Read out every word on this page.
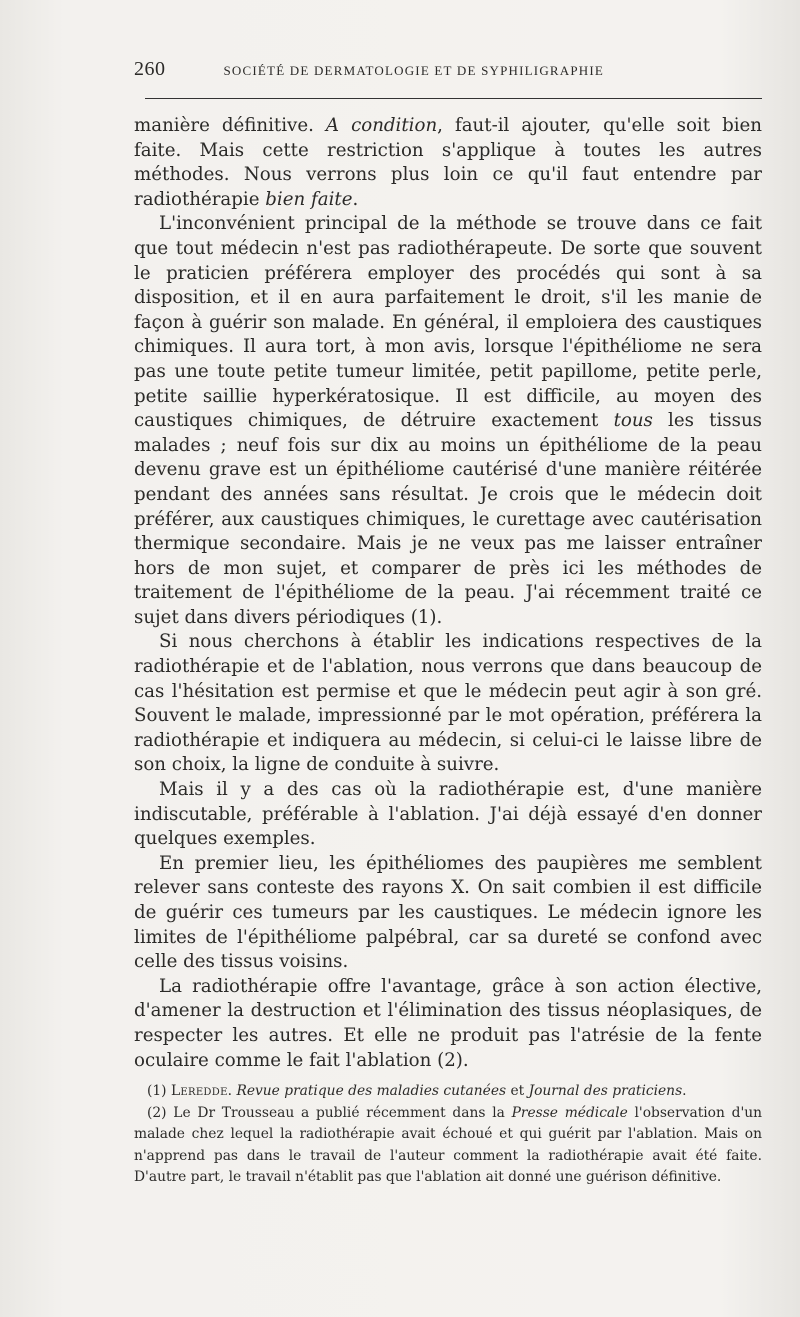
260	SOCIÉTÉ DE DERMATOLOGIE ET DE SYPHILIGRAPHIE

manière définitive. A condition, faut-il ajouter, qu'elle soit bien faite. Mais cette restriction s'applique à toutes les autres méthodes. Nous verrons plus loin ce qu'il faut entendre par radiothérapie bien faite.

L'inconvénient principal de la méthode se trouve dans ce fait que tout médecin n'est pas radiothérapeute. De sorte que souvent le praticien préférera employer des procédés qui sont à sa disposition, et il en aura parfaitement le droit, s'il les manie de façon à guérir son malade. En général, il emploiera des caustiques chimiques. Il aura tort, à mon avis, lorsque l'épithéliome ne sera pas une toute petite tumeur limitée, petit papillome, petite perle, petite saillie hyperkératosique. Il est difficile, au moyen des caustiques chimiques, de détruire exactement tous les tissus malades ; neuf fois sur dix au moins un épithéliome de la peau devenu grave est un épithéliome cautérisé d'une manière réitérée pendant des années sans résultat. Je crois que le médecin doit préférer, aux caustiques chimiques, le curettage avec cautérisation thermique secondaire. Mais je ne veux pas me laisser entraîner hors de mon sujet, et comparer de près ici les méthodes de traitement de l'épithéliome de la peau. J'ai récemment traité ce sujet dans divers périodiques (1).

Si nous cherchons à établir les indications respectives de la radiothérapie et de l'ablation, nous verrons que dans beaucoup de cas l'hésitation est permise et que le médecin peut agir à son gré. Souvent le malade, impressionné par le mot opération, préférera la radiothérapie et indiquera au médecin, si celui-ci le laisse libre de son choix, la ligne de conduite à suivre.

Mais il y a des cas où la radiothérapie est, d'une manière indiscutable, préférable à l'ablation. J'ai déjà essayé d'en donner quelques exemples.

En premier lieu, les épithéliomes des paupières me semblent relever sans conteste des rayons X. On sait combien il est difficile de guérir ces tumeurs par les caustiques. Le médecin ignore les limites de l'épithéliome palpébral, car sa dureté se confond avec celle des tissus voisins.

La radiothérapie offre l'avantage, grâce à son action élective, d'amener la destruction et l'élimination des tissus néoplasiques, de respecter les autres. Et elle ne produit pas l'atrésie de la fente oculaire comme le fait l'ablation (2).

(1) Leredde. Revue pratique des maladies cutanées et Journal des praticiens.

(2) Le Dr Trousseau a publié récemment dans la Presse médicale l'observation d'un malade chez lequel la radiothérapie avait échoué et qui guérit par l'ablation. Mais on n'apprend pas dans le travail de l'auteur comment la radiothérapie avait été faite. D'autre part, le travail n'établit pas que l'ablation ait donné une guérison définitive.
